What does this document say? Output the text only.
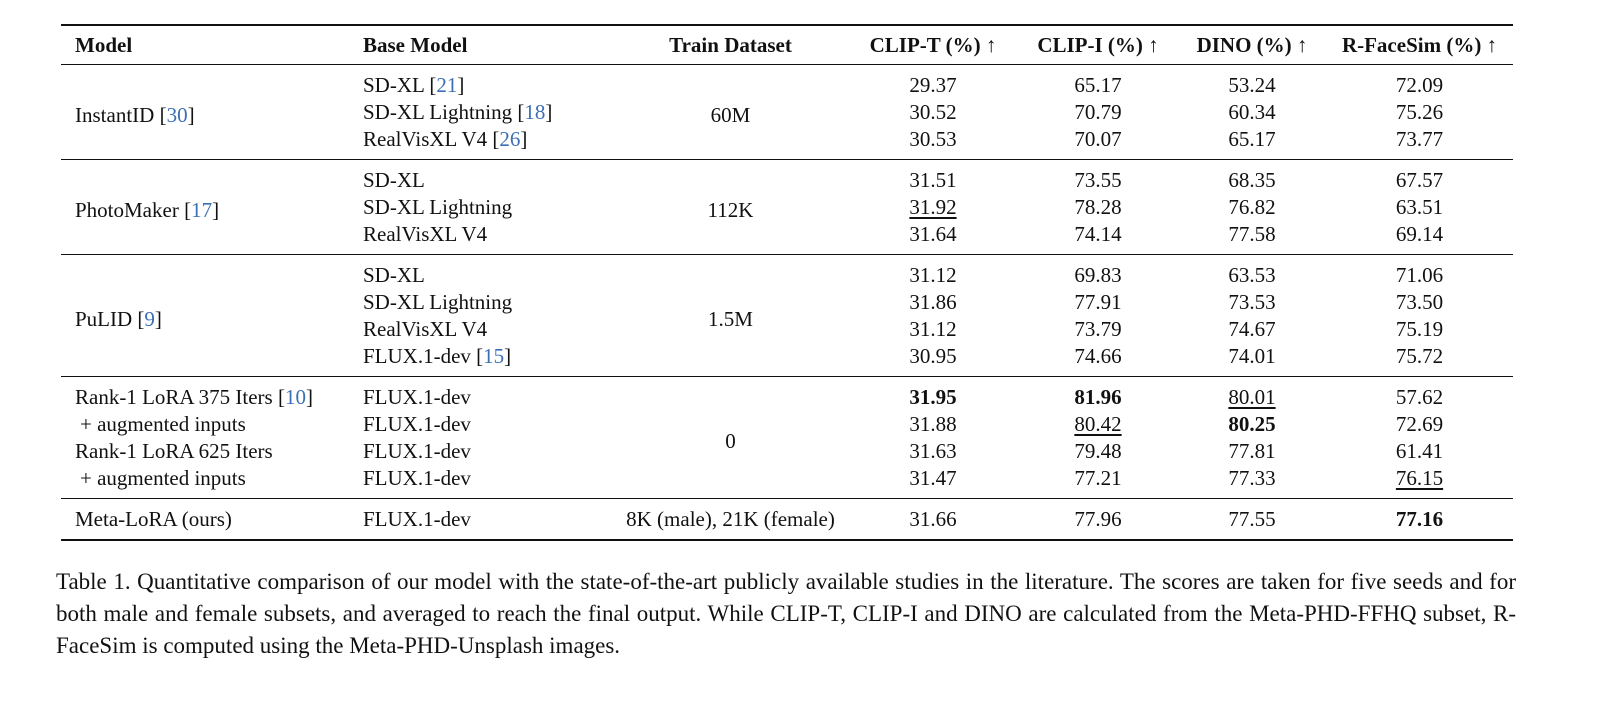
Model	Base Model	Train Dataset	CLIP-T (%) ↑	CLIP-I (%) ↑	DINO (%) ↑	R-FaceSim (%) ↑
InstantID [30]	SD-XL [21]	60M	29.37	65.17	53.24	72.09
	SD-XL Lightning [18]		30.52	70.79	60.34	75.26
	RealVisXL V4 [26]		30.53	70.07	65.17	73.77
PhotoMaker [17]	SD-XL	112K	31.51	73.55	68.35	67.57
	SD-XL Lightning		31.92	78.28	76.82	63.51
	RealVisXL V4		31.64	74.14	77.58	69.14
PuLID [9]	SD-XL	1.5M	31.12	69.83	63.53	71.06
	SD-XL Lightning		31.86	77.91	73.53	73.50
	RealVisXL V4		31.12	73.79	74.67	75.19
	FLUX.1-dev [15]		30.95	74.66	74.01	75.72
Rank-1 LoRA 375 Iters [10]	FLUX.1-dev	0	31.95	81.96	80.01	57.62
+ augmented inputs	FLUX.1-dev		31.88	80.42	80.25	72.69
Rank-1 LoRA 625 Iters	FLUX.1-dev		31.63	79.48	77.81	61.41
+ augmented inputs	FLUX.1-dev		31.47	77.21	77.33	76.15
Meta-LoRA (ours)	FLUX.1-dev	8K (male), 21K (female)	31.66	77.96	77.55	77.16

Table 1. Quantitative comparison of our model with the state-of-the-art publicly available studies in the literature. The scores are taken for five seeds and for both male and female subsets, and averaged to reach the final output. While CLIP-T, CLIP-I and DINO are calculated from the Meta-PHD-FFHQ subset, R-FaceSim is computed using the Meta-PHD-Unsplash images.
